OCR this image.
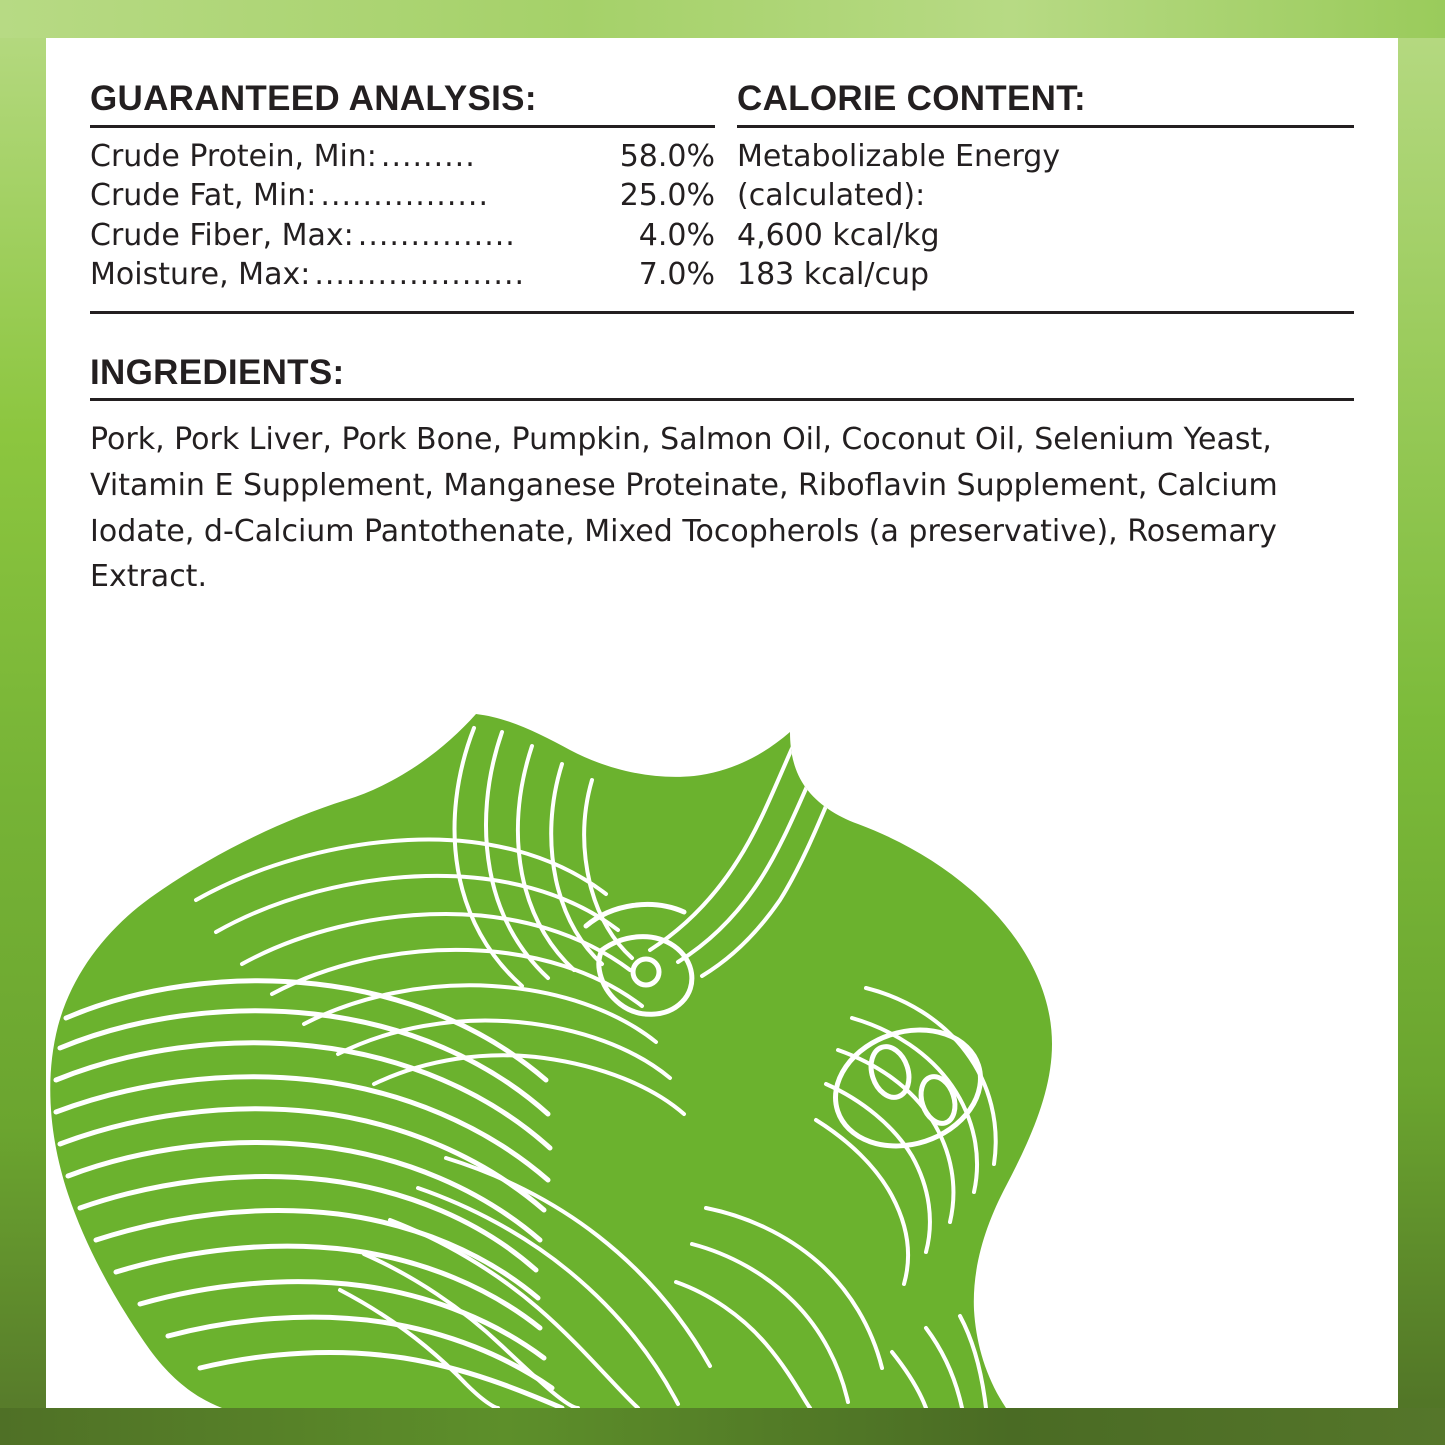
GUARANTEED ANALYSIS:
Crude Protein, Min: .........	58.0%
Crude Fat, Min: ................	25.0%
Crude Fiber, Max: ...............	4.0%
Moisture, Max: ....................	7.0%
CALORIE CONTENT:
Metabolizable Energy
(calculated):
4,600 kcal/kg
183 kcal/cup
INGREDIENTS:

Pork, Pork Liver, Pork Bone, Pumpkin, Salmon Oil, Coconut Oil, Selenium Yeast, Vitamin E Supplement, Manganese Proteinate, Riboflavin Supplement, Calcium Iodate, d-Calcium Pantothenate, Mixed Tocopherols (a preservative), Rosemary Extract.
